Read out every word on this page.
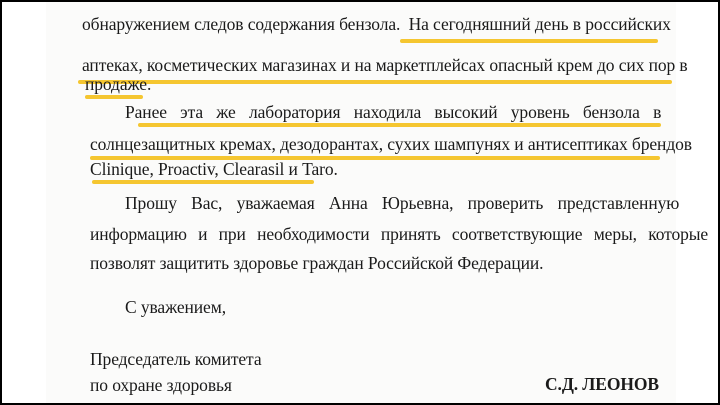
обнаружением следов содержания бензола. На сегодняшний день в российских
аптеках, косметических магазинах и на маркетплейсах опасный крем до сих пор в
продаже.
Ранее эта же лаборатория находила высокий уровень бензола в
солнцезащитных кремах, дезодорантах, сухих шампунях и антисептиках брендов
Clinique, Proactiv, Clearasil и Taro.
Прошу Вас, уважаемая Анна Юрьевна, проверить представленную
информацию и при необходимости принять соответствующие меры, которые
позволят защитить здоровье граждан Российской Федерации.
С уважением,
Председатель комитета
по охране здоровья	С.Д. ЛЕОНОВ
